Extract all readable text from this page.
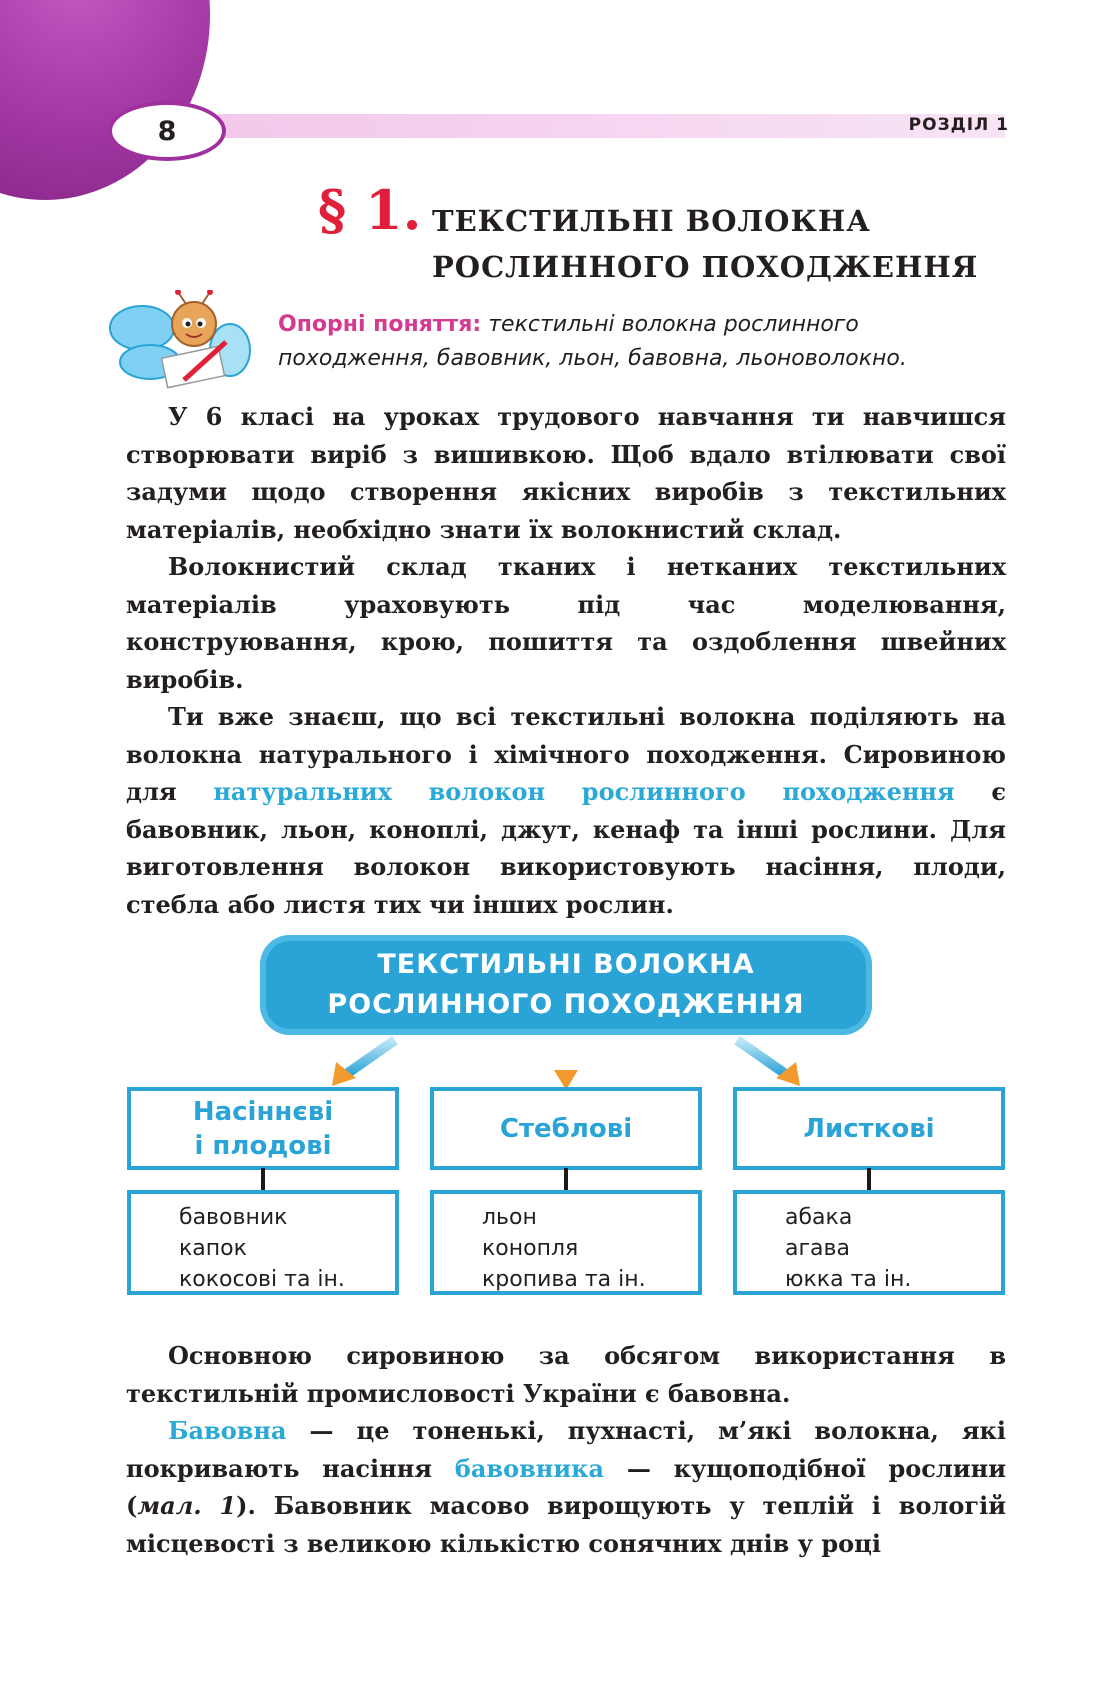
8	РОЗДІЛ 1
§ 1. ТЕКСТИЛЬНІ ВОЛОКНА
РОСЛИННОГО ПОХОДЖЕННЯ
Опорні поняття: текстильні волокна рослинного походження, бавовник, льон, бавовна, льоноволокно.

У 6 класі на уроках трудового навчання ти навчишся створювати виріб з вишивкою. Щоб вдало втілювати свої задуми щодо створення якісних виробів з текстильних матеріалів, необхідно знати їх волокнистий склад.

Волокнистий склад тканих і нетканих текстильних матеріалів ураховують під час моделювання, конструювання, крою, пошиття та оздоблення швейних виробів.

Ти вже знаєш, що всі текстильні волокна поділяють на волокна натурального і хімічного походження. Сировиною для натуральних волокон рослинного походження є бавовник, льон, коноплі, джут, кенаф та інші рослини. Для виготовлення волокон використовують насіння, плоди, стебла або листя тих чи інших рослин.

ТЕКСТИЛЬНІ ВОЛОКНА
РОСЛИННОГО ПОХОДЖЕННЯ
Насіннєві
і плодові
Стеблові	Листкові
бавовник
капок
кокосові та ін.
льон
конопля
кропива та ін.
абака
агава
юкка та ін.

Основною сировиною за обсягом використання в текстильній промисловості України є бавовна.

Бавовна — це тоненькі, пухнасті, м’які волокна, які покривають насіння бавовника — кущоподібної рослини (мал. 1). Бавовник масово вирощують у теплій і вологій місцевості з великою кількістю сонячних днів у році
